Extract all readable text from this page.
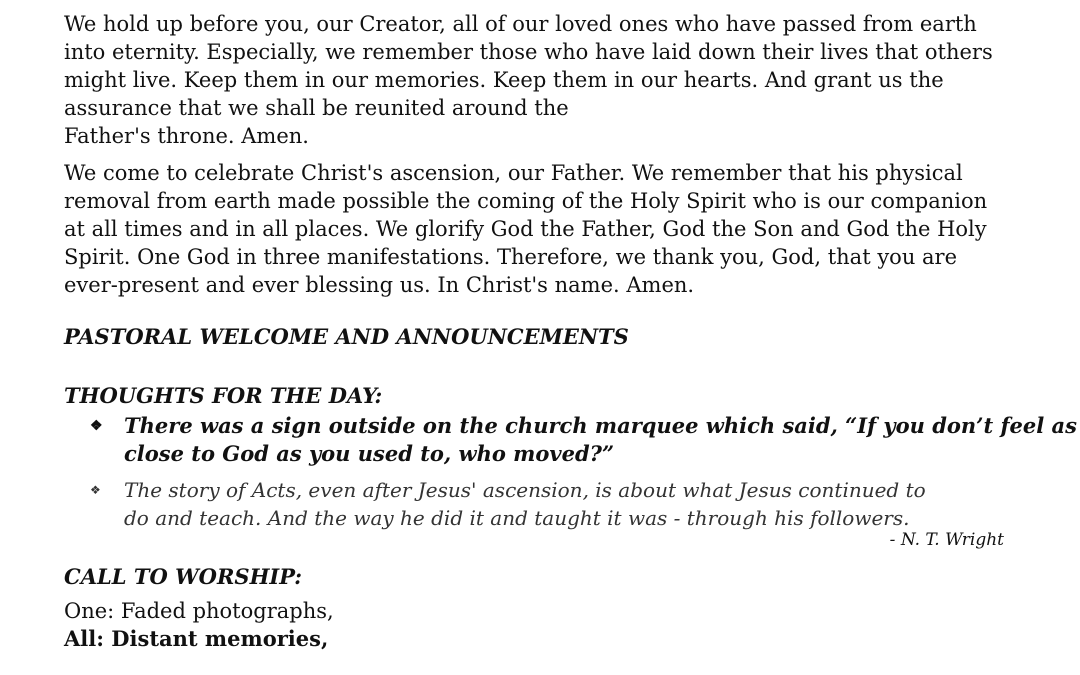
We hold up before you, our Creator, all of our loved ones who have passed from earth
into eternity. Especially, we remember those who have laid down their lives that others
might live. Keep them in our memories. Keep them in our hearts. And grant us the
assurance that we shall be reunited around the
Father's throne. Amen.

We come to celebrate Christ's ascension, our Father. We remember that his physical
removal from earth made possible the coming of the Holy Spirit who is our companion
at all times and in all places. We glorify God the Father, God the Son and God the Holy
Spirit. One God in three manifestations. Therefore, we thank you, God, that you are
ever-present and ever blessing us. In Christ's name. Amen.

PASTORAL WELCOME AND ANNOUNCEMENTS
THOUGHTS FOR THE DAY:
❖ There was a sign outside on the church marquee which said, “If you don’t feel as
close to God as you used to, who moved?”
❖ The story of Acts, even after Jesus' ascension, is about what Jesus continued to
do and teach. And the way he did it and taught it was - through his followers.
- N. T. Wright
CALL TO WORSHIP:
One: Faded photographs,
All: Distant memories,
